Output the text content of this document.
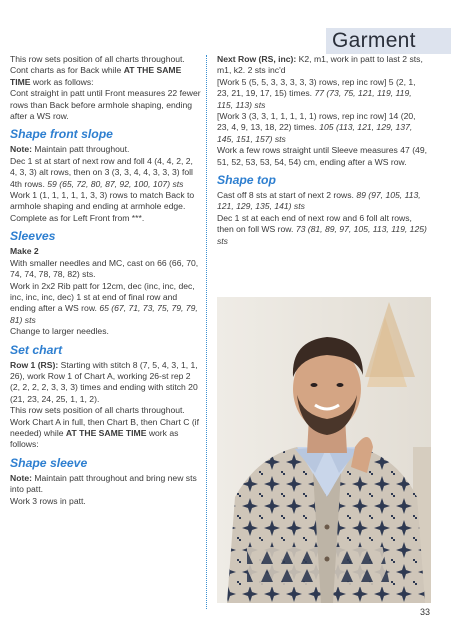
Garment

This row sets position of all charts throughout. Cont charts as for Back while AT THE SAME TIME work as follows:

Cont straight in patt until Front measures 22 fewer rows than Back before armhole shaping, ending after a WS row.

Shape front slope

Note: Maintain patt throughout.

Dec 1 st at start of next row and foll 4 (4, 4, 2, 2, 4, 3, 3) alt rows, then on 3 (3, 3, 4, 4, 3, 3, 3) foll 4th rows. 59 (65, 72, 80, 87, 92, 100, 107) sts

Work 1 (1, 1, 1, 1, 1, 3, 3) rows to match Back to armhole shaping and ending at armhole edge.

Complete as for Left Front from ***.

Sleeves

Make 2

With smaller needles and MC, cast on 66 (66, 70, 74, 74, 78, 78, 82) sts.

Work in 2x2 Rib patt for 12cm, dec (inc, inc, dec, inc, inc, inc, dec) 1 st at end of final row and ending after a WS row. 65 (67, 71, 73, 75, 79, 79, 81) sts

Change to larger needles.

Set chart

Row 1 (RS): Starting with stitch 8 (7, 5, 4, 3, 1, 1, 26), work Row 1 of Chart A, working 26-st rep 2 (2, 2, 2, 2, 3, 3, 3) times and ending with stitch 20 (21, 23, 24, 25, 1, 1, 2).

This row sets position of all charts throughout.

Work Chart A in full, then Chart B, then Chart C (if needed) while AT THE SAME TIME work as follows:

Shape sleeve

Note: Maintain patt throughout and bring new sts into patt.

Work 3 rows in patt.

Next Row (RS, inc): K2, m1, work in patt to last 2 sts, m1, k2. 2 sts inc'd

[Work 5 (5, 5, 3, 3, 3, 3, 3) rows, rep inc row] 5 (2, 1, 23, 21, 19, 17, 15) times. 77 (73, 75, 121, 119, 119, 115, 113) sts

[Work 3 (3, 3, 1, 1, 1, 1, 1) rows, rep inc row] 14 (20, 23, 4, 9, 13, 18, 22) times. 105 (113, 121, 129, 137, 145, 151, 157) sts

Work a few rows straight until Sleeve measures 47 (49, 51, 52, 53, 53, 54, 54) cm, ending after a WS row.

Shape top

Cast off 8 sts at start of next 2 rows. 89 (97, 105, 113, 121, 129, 135, 141) sts

Dec 1 st at each end of next row and 6 foll alt rows, then on foll WS row. 73 (81, 89, 97, 105, 113, 119, 125) sts

33
